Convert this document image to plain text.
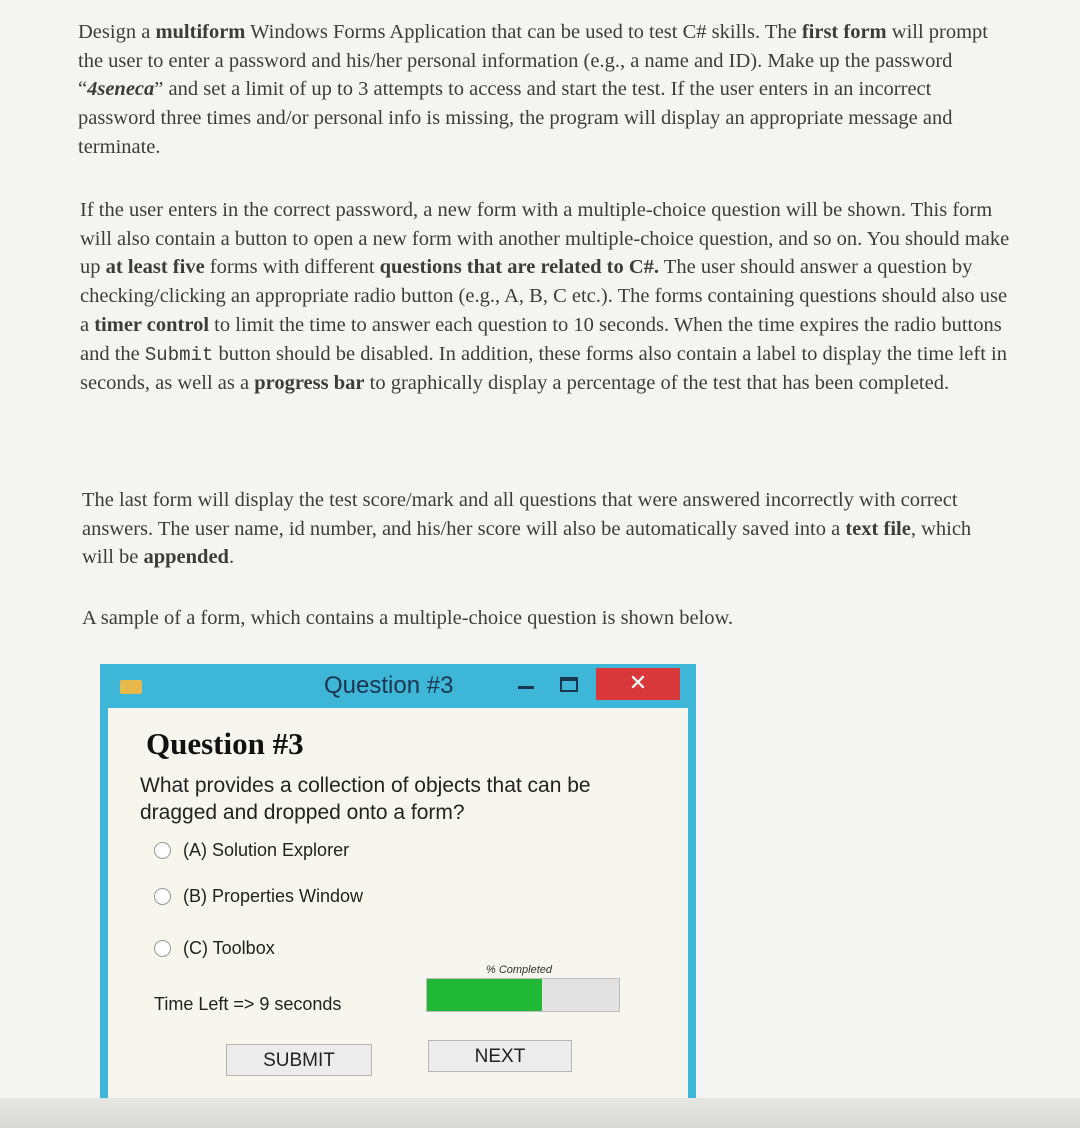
Design a multiform Windows Forms Application that can be used to test C# skills. The first form will prompt the user to enter a password and his/her personal information (e.g., a name and ID). Make up the password “4seneca” and set a limit of up to 3 attempts to access and start the test. If the user enters in an incorrect password three times and/or personal info is missing, the program will display an appropriate message and terminate.
If the user enters in the correct password, a new form with a multiple-choice question will be shown. This form will also contain a button to open a new form with another multiple-choice question, and so on. You should make up at least five forms with different questions that are related to C#. The user should answer a question by checking/clicking an appropriate radio button (e.g., A, B, C etc.). The forms containing questions should also use a timer control to limit the time to answer each question to 10 seconds. When the time expires the radio buttons and the Submit button should be disabled. In addition, these forms also contain a label to display the time left in seconds, as well as a progress bar to graphically display a percentage of the test that has been completed.
The last form will display the test score/mark and all questions that were answered incorrectly with correct answers. The user name, id number, and his/her score will also be automatically saved into a text file, which will be appended.
A sample of a form, which contains a multiple-choice question is shown below.
Question #3	✕
Question #3
What provides a collection of objects that can be dragged and dropped onto a form?
(A) Solution Explorer
(B) Properties Window
(C) Toolbox
Time Left => 9 seconds
% Completed
SUBMIT	NEXT
